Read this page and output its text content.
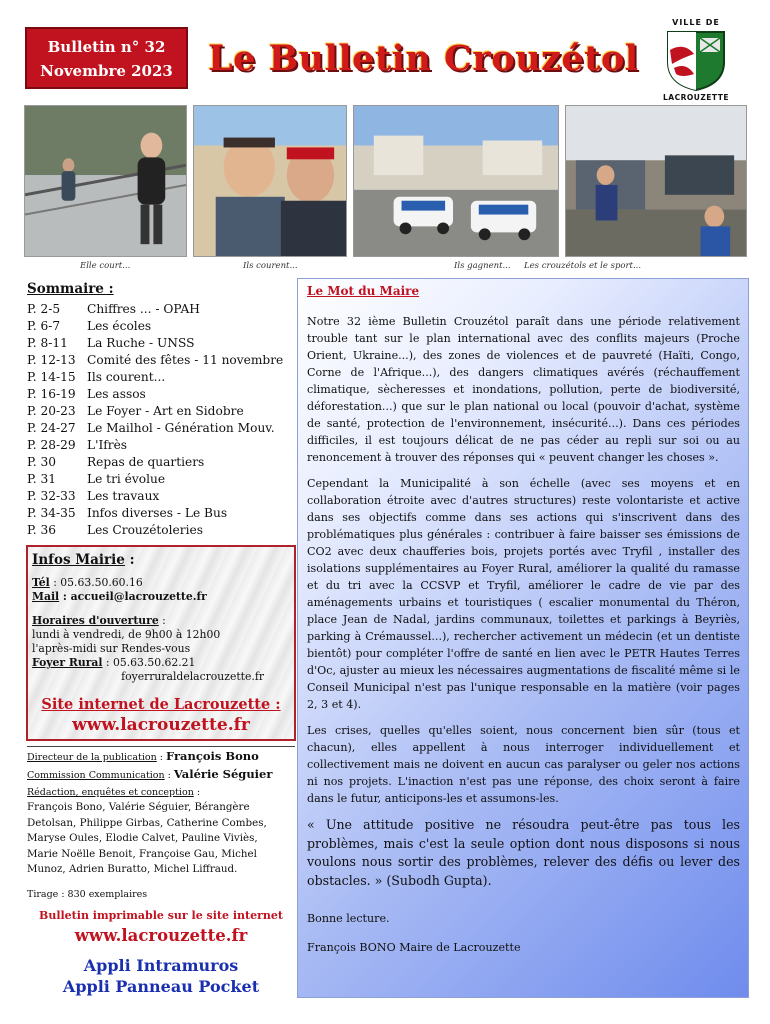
Bulletin n° 32
Novembre 2023	Le Bulletin Crouzétol
VILLE DE
LACROUZETTE
Elle court...	Ils courent...	Ils gagnent... Les crouzétols et le sport...
Sommaire :
P. 2-5	Chiffres ... - OPAH
P. 6-7	Les écoles
P. 8-11	La Ruche - UNSS
P. 12-13 Comité des fêtes - 11 novembre
P. 14-15 Ils courent...
P. 16-19 Les assos
P. 20-23 Le Foyer - Art en Sidobre
P. 24-27 Le Mailhol - Génération Mouv.
P. 28-29 L'Ifrès
P. 30	Repas de quartiers
P. 31	Le tri évolue
P. 32-33 Les travaux
P. 34-35 Infos diverses - Le Bus
P. 36	Les Crouzétoleries
Infos Mairie :
Tél : 05.63.50.60.16
Mail : accueil@lacrouzette.fr
Horaires d'ouverture :
lundi à vendredi, de 9h00 à 12h00
l'après-midi sur Rendes-vous
Foyer Rural : 05.63.50.62.21
foyerruraldelacrouzette.fr
Site internet de Lacrouzette :
www.lacrouzette.fr
Directeur de la publication : François Bono
Commission Communication : Valérie Séguier
Rédaction, enquêtes et conception :
François Bono, Valérie Séguier, Bérangère
Detolsan, Philippe Girbas, Catherine Combes,
Maryse Oules, Elodie Calvet, Pauline Viviès,
Marie Noëlle Benoit, Françoise Gau, Michel
Munoz, Adrien Buratto, Michel Liffraud.
Tirage : 830 exemplaires
Bulletin imprimable sur le site internet
www.lacrouzette.fr
Appli Intramuros
Appli Panneau Pocket
Le Mot du Maire

Notre 32 ième Bulletin Crouzétol paraît dans une période relativement trouble tant sur le plan international avec des conflits majeurs (Proche Orient, Ukraine...), des zones de violences et de pauvreté (Haïti, Congo, Corne de l'Afrique...), des dangers climatiques avérés (réchauffement climatique, sècheresses et inondations, pollution, perte de biodiversité, déforestation...) que sur le plan national ou local (pouvoir d'achat, système de santé, protection de l'environnement, insécurité...). Dans ces périodes difficiles, il est toujours délicat de ne pas céder au repli sur soi ou au renoncement à trouver des réponses qui « peuvent changer les choses ».

Cependant la Municipalité à son échelle (avec ses moyens et en collaboration étroite avec d'autres structures) reste volontariste et active dans ses objectifs comme dans ses actions qui s'inscrivent dans des problématiques plus générales : contribuer à faire baisser ses émissions de CO2 avec deux chaufferies bois, projets portés avec Tryfil , installer des isolations supplémentaires au Foyer Rural, améliorer la qualité du ramasse et du tri avec la CCSVP et Tryfil, améliorer le cadre de vie par des aménagements urbains et touristiques ( escalier monumental du Théron, place Jean de Nadal, jardins communaux, toilettes et parkings à Beyriès, parking à Crémaussel...), rechercher activement un médecin (et un dentiste bientôt) pour compléter l'offre de santé en lien avec le PETR Hautes Terres d'Oc, ajuster au mieux les nécessaires augmentations de fiscalité même si le Conseil Municipal n'est pas l'unique responsable en la matière (voir pages 2, 3 et 4).

Les crises, quelles qu'elles soient, nous concernent bien sûr (tous et chacun), elles appellent à nous interroger individuellement et collectivement mais ne doivent en aucun cas paralyser ou geler nos actions ni nos projets. L'inaction n'est pas une réponse, des choix seront à faire dans le futur, anticipons-les et assumons-les.

« Une attitude positive ne résoudra peut-être pas tous les problèmes, mais c'est la seule option dont nous disposons si nous voulons nous sortir des problèmes, relever des défis ou lever des obstacles. » (Subodh Gupta).

Bonne lecture.

François BONO Maire de Lacrouzette
